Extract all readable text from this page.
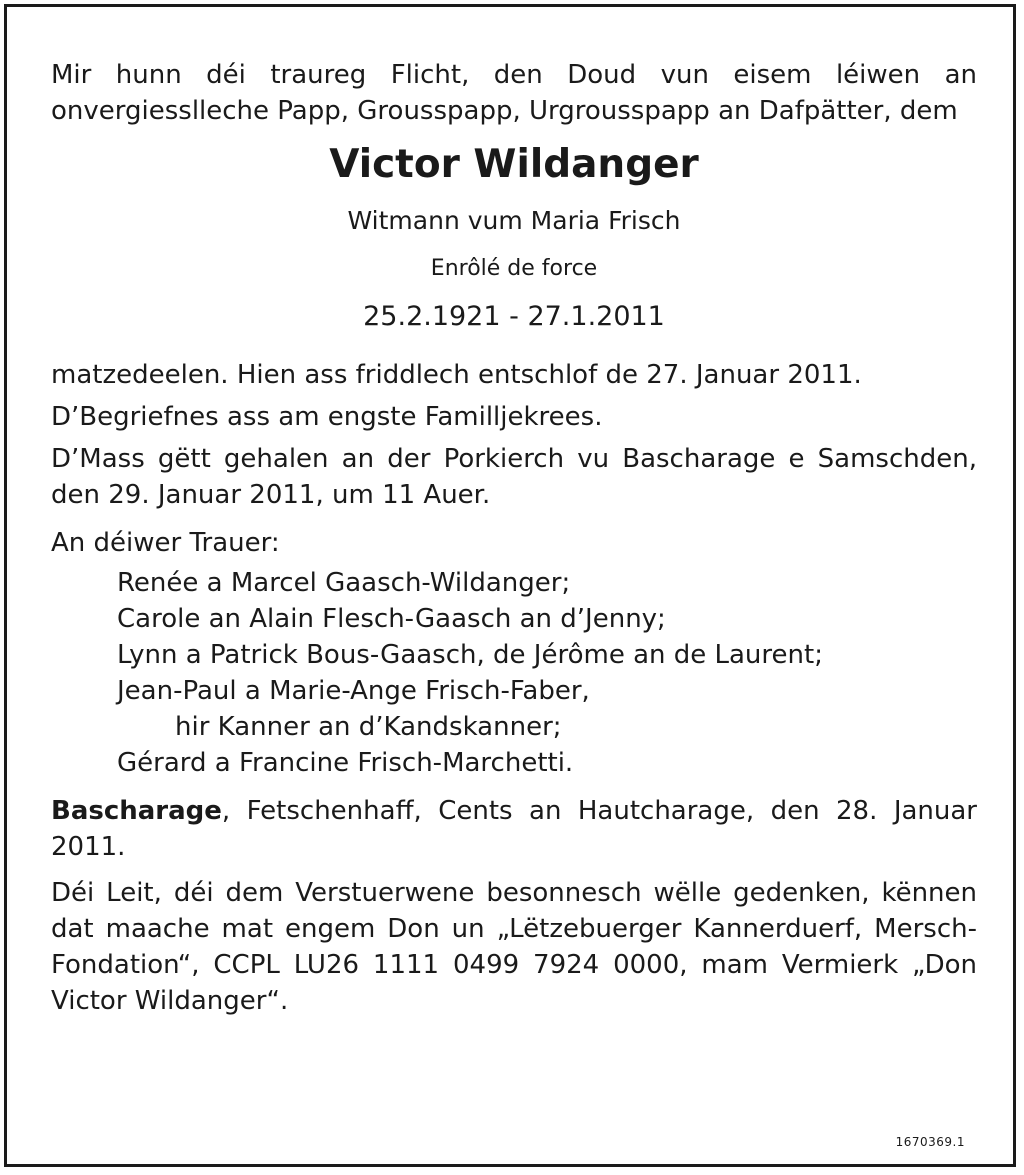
Mir hunn déi traureg Flicht, den Doud vun eisem léiwen an onvergiesslleche Papp, Grousspapp, Urgrousspapp an Dafpätter, dem

Victor Wildanger

Witmann vum Maria Frisch

Enrôlé de force

25.2.1921 - 27.1.2011

matzedeelen. Hien ass friddlech entschlof de 27. Januar 2011.

D’Begriefnes ass am engste Familljekrees.

D’Mass gëtt gehalen an der Porkierch vu Bascharage e Samschden, den 29. Januar 2011, um 11 Auer.

An déiwer Trauer:

Renée a Marcel Gaasch-Wildanger;
Carole an Alain Flesch-Gaasch an d’Jenny;
Lynn a Patrick Bous-Gaasch, de Jérôme an de Laurent;
Jean-Paul a Marie-Ange Frisch-Faber,
hir Kanner an d’Kandskanner;
Gérard a Francine Frisch-Marchetti.

Bascharage, Fetschenhaff, Cents an Hautcharage, den 28. Januar 2011.

Déi Leit, déi dem Verstuerwene besonnesch wëlle gedenken, kënnen dat maache mat engem Don un „Lëtzebuerger Kannerduerf, Mersch-Fondation“, CCPL LU26 1111 0499 7924 0000, mam Vermierk „Don Victor Wildanger“.

1670369.1
